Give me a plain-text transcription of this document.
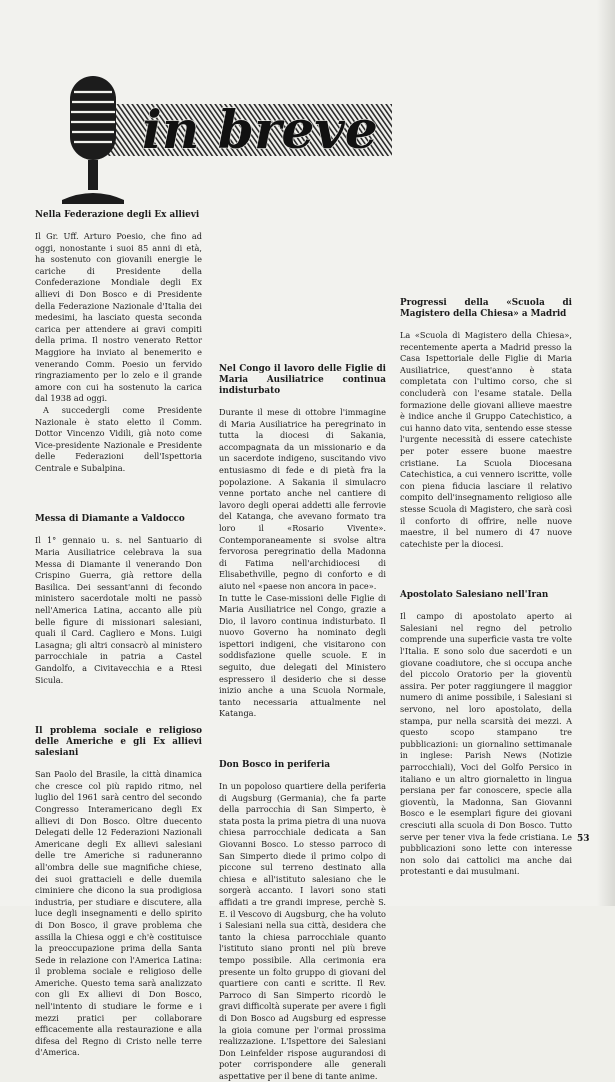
in breve

Nella Federazione degli Ex allievi

Il Gr. Uff. Arturo Poesio, che fino ad oggi, nonostante i suoi 85 anni di età, ha sostenuto con giovanili energie le cariche di Presidente della Confederazione Mondiale degli Ex allievi di Don Bosco e di Presidente della Federazione Nazionale d'Italia dei medesimi, ha lasciato questa seconda carica per attendere ai gravi compiti della prima. Il nostro venerato Rettor Maggiore ha inviato al benemerito e venerando Comm. Poesio un fervido ringraziamento per lo zelo e il grande amore con cui ha sostenuto la carica dal 1938 ad oggi.

A succedergli come Presidente Nazionale è stato eletto il Comm. Dottor Vincenzo Vidili, già noto come Vice-presidente Nazionale e Presidente delle Federazioni dell'Ispettoria Centrale e Subalpina.

Messa di Diamante a Valdocco

Il 1° gennaio u. s. nel Santuario di Maria Ausiliatrice celebrava la sua Messa di Diamante il venerando Don Crispino Guerra, già rettore della Basilica. Dei sessant'anni di fecondo ministero sacerdotale molti ne passò nell'America Latina, accanto alle più belle figure di missionari salesiani, quali il Card. Cagliero e Mons. Luigi Lasagna; gli altri consacrò al ministero parrocchiale in patria a Castel Gandolfo, a Civitavecchia e a Rtesi Sicula.

Il problema sociale e religioso delle Americhe e gli Ex allievi salesiani

San Paolo del Brasile, la città dinamica che cresce col più rapido ritmo, nel luglio del 1961 sarà centro del secondo Congresso Interamericano degli Ex allievi di Don Bosco. Oltre duecento Delegati delle 12 Federazioni Nazionali Americane degli Ex allievi salesiani delle tre Americhe si raduneranno all'ombra delle sue magnifiche chiese, dei suoi grattacieli e delle duemila ciminiere che dicono la sua prodigiosa industria, per studiare e discutere, alla luce degli insegnamenti e dello spirito di Don Bosco, il grave problema che assilla la Chiesa oggi e ch'è costituisce la preoccupazione prima della Santa Sede in relazione con l'America Latina: il problema sociale e religioso delle Americhe. Questo tema sarà analizzato con gli Ex allievi di Don Bosco, nell'intento di studiare le forme e i mezzi pratici per collaborare efficacemente alla restaurazione e alla difesa del Regno di Cristo nelle terre d'America.

Nel Congo il lavoro delle Figlie di Maria Ausiliatrice continua indisturbato

Durante il mese di ottobre l'immagine di Maria Ausiliatrice ha peregrinato in tutta la diocesi di Sakania, accompagnata da un missionario e da un sacerdote indigeno, suscitando vivo entusiasmo di fede e di pietà fra la popolazione. A Sakania il simulacro venne portato anche nel cantiere di lavoro degli operai addetti alle ferrovie del Katanga, che avevano formato tra loro il «Rosario Vivente». Contemporaneamente si svolse altra fervorosa peregrinatio della Madonna di Fatima nell'archidiocesi di Elisabethville, pegno di conforto e di aiuto nel «paese non ancora in pace».

In tutte le Case-missioni delle Figlie di Maria Ausiliatrice nel Congo, grazie a Dio, il lavoro continua indisturbato. Il nuovo Governo ha nominato degli ispettori indigeni, che visitarono con soddisfazione quelle scuole. E in seguito, due delegati del Ministero espressero il desiderio che si desse inizio anche a una Scuola Normale, tanto necessaria attualmente nel Katanga.

Don Bosco in periferia

In un popoloso quartiere della periferia di Augsburg (Germania), che fa parte della parrocchia di San Simperto, è stata posta la prima pietra di una nuova chiesa parrocchiale dedicata a San Giovanni Bosco. Lo stesso parroco di San Simperto diede il primo colpo di piccone sul terreno destinato alla chiesa e all'istituto salesiano che le sorgerà accanto. I lavori sono stati affidati a tre grandi imprese, perchè S. E. il Vescovo di Augsburg, che ha voluto i Salesiani nella sua città, desidera che tanto la chiesa parrocchiale quanto l'istituto siano pronti nel più breve tempo possibile. Alla cerimonia era presente un folto gruppo di giovani del quartiere con canti e scritte. Il Rev. Parroco di San Simperto ricordò le gravi difficoltà superate per avere i figli di Don Bosco ad Augsburg ed espresse la gioia comune per l'ormai prossima realizzazione. L'Ispettore dei Salesiani Don Leinfelder rispose augurandosi di poter corrispondere alle generali aspettative per il bene di tante anime.

Progressi della «Scuola di Magistero della Chiesa» a Madrid

La «Scuola di Magistero della Chiesa», recentemente aperta a Madrid presso la Casa Ispettoriale delle Figlie di Maria Ausiliatrice, quest'anno è stata completata con l'ultimo corso, che si concluderà con l'esame statale. Della formazione delle giovani allieve maestre è indice anche il Gruppo Catechistico, a cui hanno dato vita, sentendo esse stesse l'urgente necessità di essere catechiste per poter essere buone maestre cristiane. La Scuola Diocesana Catechistica, a cui vennero iscritte, volle con piena fiducia lasciare il relativo compito dell'insegnamento religioso alle stesse Scuola di Magistero, che sarà così il conforto di offrire, nelle nuove maestre, il bel numero di 47 nuove catechiste per la diocesi.

Apostolato Salesiano nell'Iran

Il campo di apostolato aperto ai Salesiani nel regno del petrolio comprende una superficie vasta tre volte l'Italia. E sono solo due sacerdoti e un giovane coadiutore, che si occupa anche del piccolo Oratorio per la gioventù assira. Per poter raggiungere il maggior numero di anime possibile, i Salesiani si servono, nel loro apostolato, della stampa, pur nella scarsità dei mezzi. A questo scopo stampano tre pubblicazioni: un giornalino settimanale in inglese: Parish News (Notizie parrocchiali), Voci del Golfo Persico in italiano e un altro giornaletto in lingua persiana per far conoscere, specie alla gioventù, la Madonna, San Giovanni Bosco e le esemplari figure dei giovani cresciuti alla scuola di Don Bosco. Tutto serve per tener viva la fede cristiana. Le pubblicazioni sono lette con interesse non solo dai cattolici ma anche dai protestanti e dai musulmani.

53
